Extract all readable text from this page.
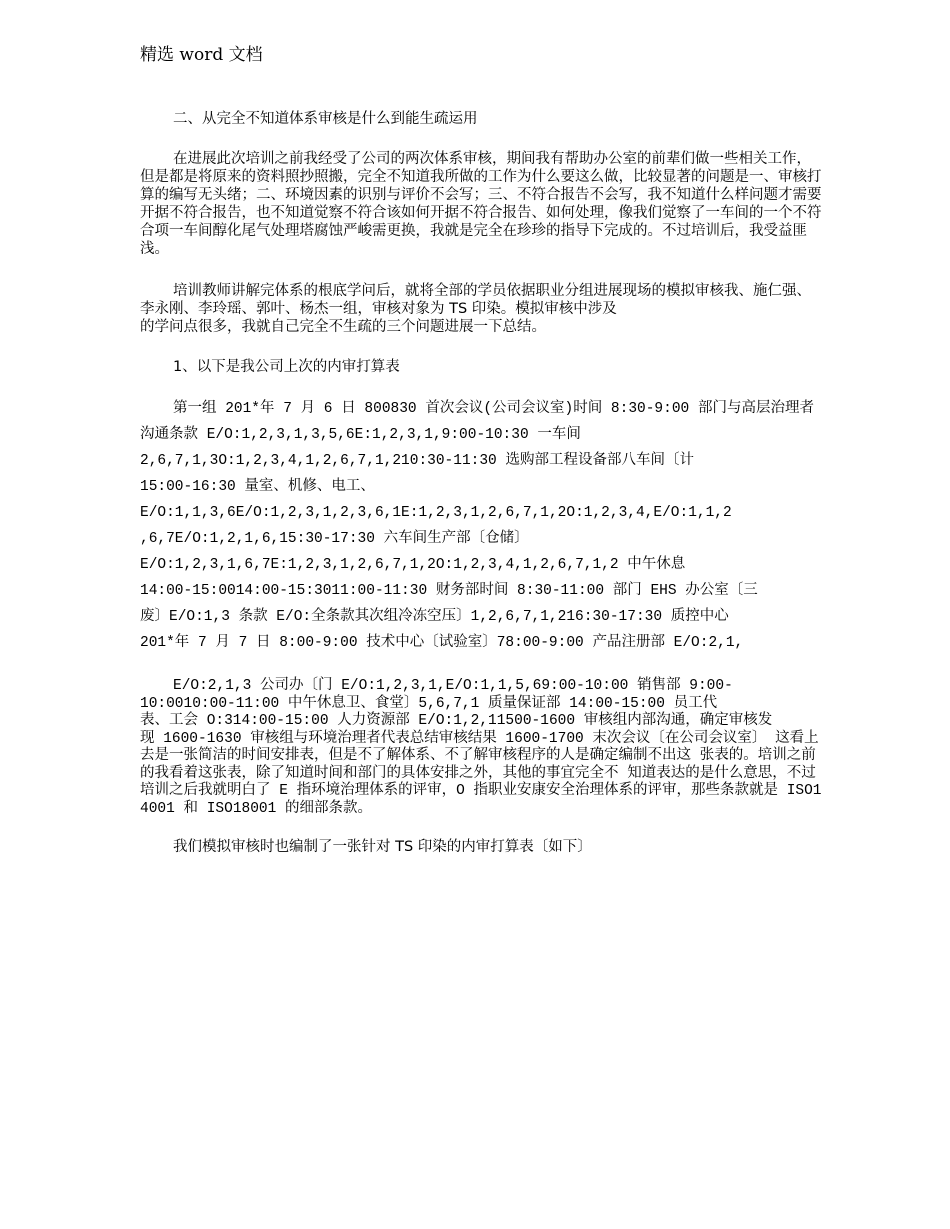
精选 word 文档

二、从完全不知道体系审核是什么到能生疏运用

在进展此次培训之前我经受了公司的两次体系审核，期间我有帮助办公室的前辈们做一些相关工作，但是都是将原来的资料照抄照搬，完全不知道我所做的工作为什么要这么做，比较显著的问题是一、审核打算的编写无头绪；二、环境因素的识别与评价不会写；三、不符合报告不会写，我不知道什么样问题才需要开据不符合报告，也不知道觉察不符合该如何开据不符合报告、如何处理，像我们觉察了一车间的一个不符合项一车间醇化尾气处理塔腐蚀严峻需更换，我就是完全在珍珍的指导下完成的。不过培训后，我受益匪浅。

培训教师讲解完体系的根底学问后，就将全部的学员依据职业分组进展现场的模拟审核我、施仁强、李永刚、李玲瑶、郭叶、杨杰一组，审核对象为 TS 印染。模拟审核中涉及
的学问点很多，我就自己完全不生疏的三个问题进展一下总结。

1、以下是我公司上次的内审打算表

第一组 201*年 7 月 6 日 800830 首次会议(公司会议室)时间 8:30-9:00 部门与高层治理者沟通条款 E/O:1,2,3,1,3,5,6E:1,2,3,1,9:00-10:30 一车间
2,6,7,1,3O:1,2,3,4,1,2,6,7,1,210:30-11:30 选购部工程设备部八车间〔计
15:00-16:30 量室、机修、电工、
E/O:1,1,3,6E/O:1,2,3,1,2,3,6,1E:1,2,3,1,2,6,7,1,2O:1,2,3,4,E/O:1,1,2
,6,7E/O:1,2,1,6,15:30-17:30 六车间生产部〔仓储〕
E/O:1,2,3,1,6,7E:1,2,3,1,2,6,7,1,2O:1,2,3,4,1,2,6,7,1,2 中午休息
14:00-15:0014:00-15:3011:00-11:30 财务部时间 8:30-11:00 部门 EHS 办公室〔三
废〕E/O:1,3 条款 E/O:全条款其次组冷冻空压〕1,2,6,7,1,216:30-17:30 质控中心
201*年 7 月 7 日 8:00-9:00 技术中心〔试验室〕78:00-9:00 产品注册部 E/O:2,1,

E/O:2,1,3 公司办〔门 E/O:1,2,3,1,E/O:1,1,5,69:00-10:00 销售部 9:00-
10:0010:00-11:00 中午休息卫、食堂〕5,6,7,1 质量保证部 14:00-15:00 员工代
表、工会 O:314:00-15:00 人力资源部 E/O:1,2,11500-1600 审核组内部沟通，确定审核发
现 1600-1630 审核组与环境治理者代表总结审核结果 1600-1700 末次会议〔在公司会议室〕 这看上去是一张简洁的时间安排表，但是不了解体系、不了解审核程序的人是确定编制不出这 张表的。培训之前的我看着这张表，除了知道时间和部门的具体安排之外，其他的事宜完全不 知道表达的是什么意思，不过培训之后我就明白了 E 指环境治理体系的评审，O 指职业安康安全治理体系的评审，那些条款就是 ISO14001 和 ISO18001 的细部条款。

我们模拟审核时也编制了一张针对 TS 印染的内审打算表〔如下〕
